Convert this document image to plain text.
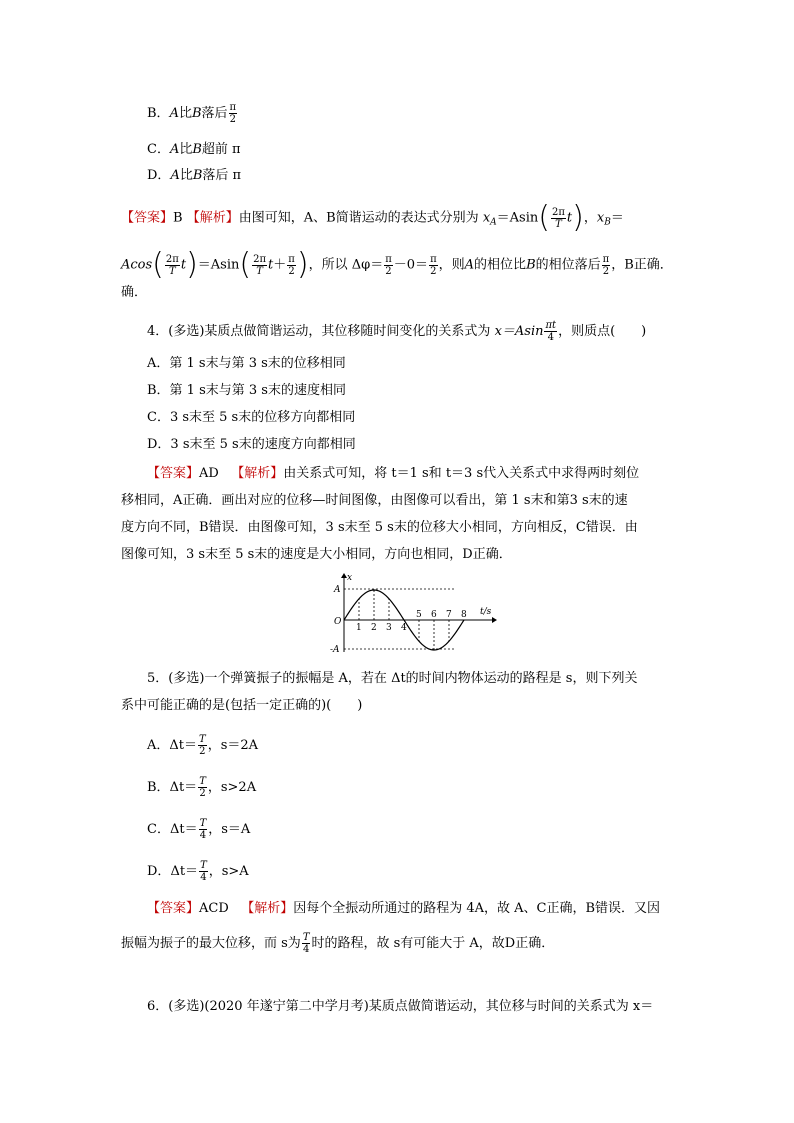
B．A比B落后 $\frac{\pi}{2}$
C．A比B超前 π
D．A比B落后 π
【答案】B 【解析】由图可知，A、B简谐运动的表达式分别为 $x_A=Asin( \frac{2\pi}{T} t)$，$x_B=$
$Acos( \frac{2\pi}{T} t)=Asin( \frac{2\pi}{T} t+ \frac{\pi}{2}$ )，所以 $\Delta\varphi= \frac{\pi}{2} -0= \frac{\pi}{2}$ ，则A的相位比B的相位落后 $\frac{\pi}{2}$ ，B正确．
确．
4．(多选)某质点做简谐运动，其位移随时间变化的关系式为 $x=Asin \frac{\pi t}{4}$ ，则质点(　　)
A．第 1 s末与第 3 s末的位移相同
B．第 1 s末与第 3 s末的速度相同
C．3 s末至 5 s末的位移方向都相同
D．3 s末至 5 s末的速度方向都相同
【答案】AD 【解析】由关系式可知，将 t＝1 s和 t＝3 s代入关系式中求得两时刻位
移相同，A正确．画出对应的位移—时间图像，由图像可以看出，第 1 s末和第3 s末的速
度方向不同，B错误．由图像可知，3 s末至 5 s末的位移大小相同，方向相反，C错误．由
图像可知，3 s末至 5 s末的速度是大小相同，方向也相同，D正确．
x
t/s
O
A
-A
1 2 3 4
5 6 7 8
5．(多选)一个弹簧振子的振幅是 A，若在 Δt的时间内物体运动的路程是 s，则下列关
系中可能正确的是(包括一定正确的)(　　)
A．$\Delta t= \frac{T}{2}$ ，s＝2A
B．$\Delta t= \frac{T}{2}$ ，s>2A
C．$\Delta t= \frac{T}{4}$ ，s＝A
D．$\Delta t= \frac{T}{4}$ ，s>A
【答案】ACD 【解析】因每个全振动所通过的路程为 4A，故 A、C正确，B错误．又因
振幅为振子的最大位移，而 s为 $\frac{T}{4}$ 时的路程，故 s有可能大于 A，故D正确．
6．(多选)(2020 年遂宁第二中学月考)某质点做简谐运动，其位移与时间的关系式为 x＝
